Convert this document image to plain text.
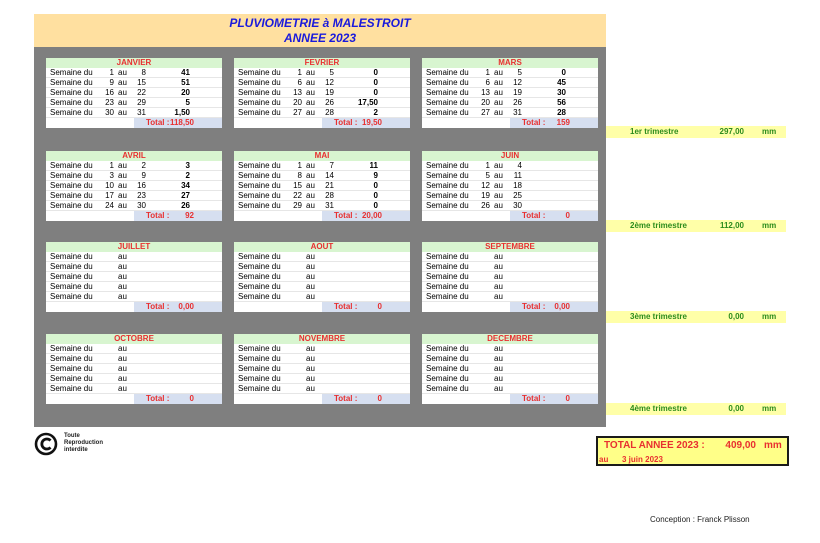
PLUVIOMETRIE à MALESTROIT
ANNEE 2023
JANVIER
Semaine du	1 au	8	41
Semaine du	9 au	15	51
Semaine du 16 au	22	20
Semaine du 23 au	29	5
Semaine du 30 au	31	1,50
Total : 118,50
FEVRIER
Semaine du	1 au	5	0
Semaine du	6 au	12	0
Semaine du 13 au	19	0
Semaine du 20 au	26	17,50
Semaine du 27 au	28	2
Total : 19,50
MARS
Semaine du	1 au	5	0
Semaine du	6 au	12	45
Semaine du 13 au	19	30
Semaine du 20 au	26	56
Semaine du 27 au	31	28
Total :	159
AVRIL
Semaine du	1 au	2	3
Semaine du	3 au	9	2
Semaine du 10 au	16	34
Semaine du 17 au	23	27
Semaine du 24 au	30	26
Total :	92
MAI
Semaine du	1 au	7	11
Semaine du	8 au	14	9
Semaine du 15 au	21	0
Semaine du 22 au	28	0
Semaine du 29 au	31	0
Total : 20,00
JUIN
Semaine du	1 au	4
Semaine du	5 au	11
Semaine du 12 au	18
Semaine du 19 au	25
Semaine du 26 au	30
Total :	0
JUILLET
Semaine du	au
Semaine du	au
Semaine du	au
Semaine du	au
Semaine du	au
Total :	0,00
AOUT
Semaine du	au
Semaine du	au
Semaine du	au
Semaine du	au
Semaine du	au
Total :	0
SEPTEMBRE
Semaine du	au
Semaine du	au
Semaine du	au
Semaine du	au
Semaine du	au
Total :	0,00
OCTOBRE
Semaine du	au
Semaine du	au
Semaine du	au
Semaine du	au
Semaine du	au
Total :	0
NOVEMBRE
Semaine du	au
Semaine du	au
Semaine du	au
Semaine du	au
Semaine du	au
Total :	0
DECEMBRE
Semaine du	au
Semaine du	au
Semaine du	au
Semaine du	au
Semaine du	au
Total :	0
1er trimestre	297,00 mm
2ème trimestre	112,00 mm
3ème trimestre	0,00 mm
4ème trimestre	0,00 mm
TOTAL ANNEE 2023 :	409,00 mm
au 3 juin 2023
Toute
Reproduction
interdite
Conception : Franck Plisson
